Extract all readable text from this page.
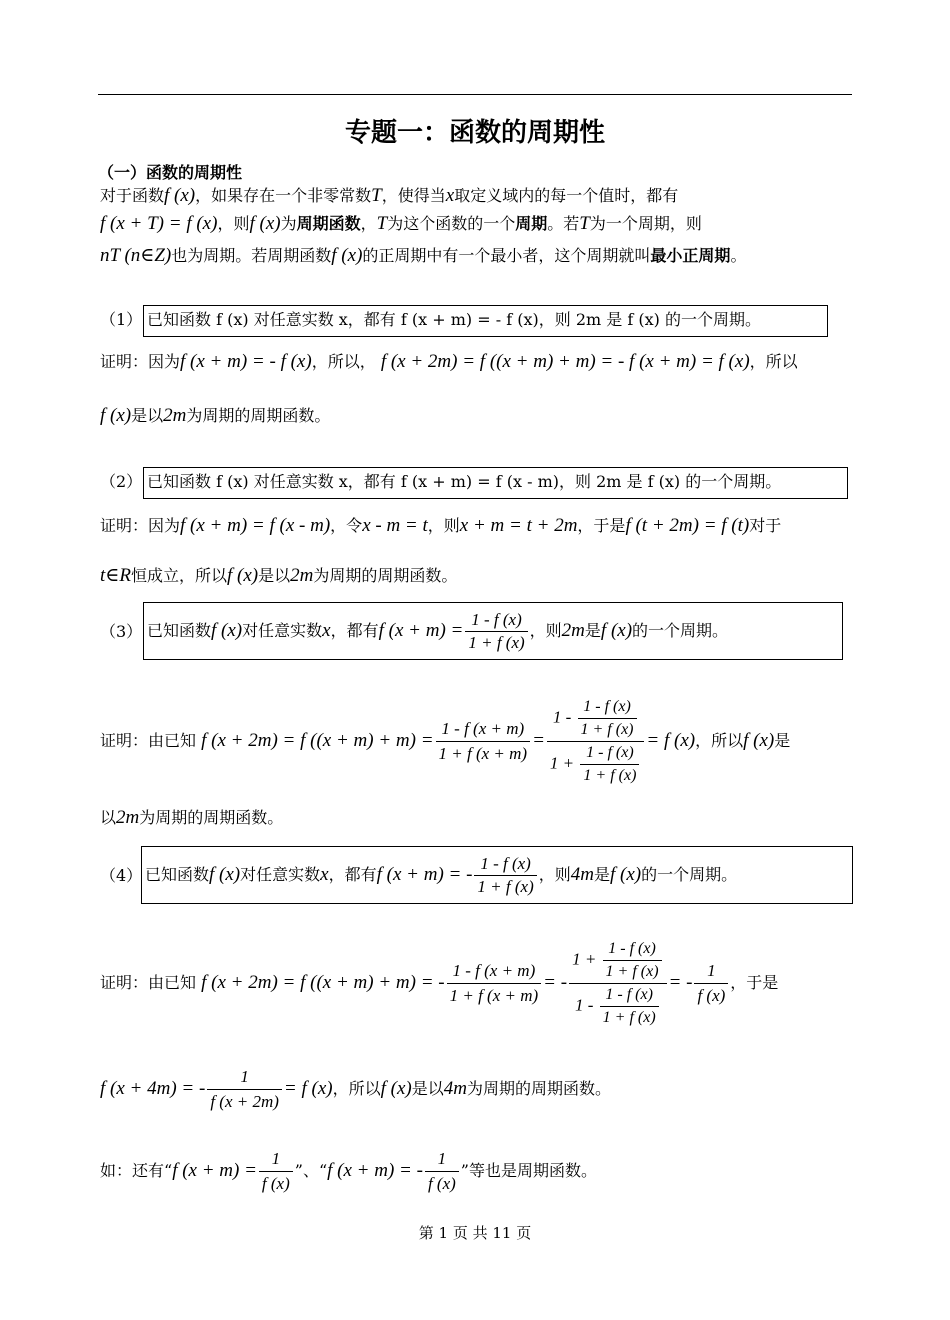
专题一：函数的周期性
（一）函数的周期性
对于函数f (x)，如果存在一个非零常数T，使得当x取定义域内的每一个值时，都有
f (x + T) = f (x)，则f (x)为周期函数，T为这个函数的一个周期。若T为一个周期，则
nT (n∈Z)也为周期。若周期函数f (x)的正周期中有一个最小者，这个周期就叫最小正周期。
（1） 已知函数 f (x) 对任意实数 x，都有 f (x + m) = - f (x)，则 2m 是 f (x) 的一个周期。
证明：因为f (x + m) = - f (x)，所以， f (x + 2m) = f ((x + m) + m) = - f (x + m) = f (x)，所以
f (x)是以2m为周期的周期函数。
（2） 已知函数 f (x) 对任意实数 x，都有 f (x + m) = f (x - m)，则 2m 是 f (x) 的一个周期。
证明：因为f (x + m) = f (x - m)，令x - m = t，则x + m = t + 2m，于是f (t + 2m) = f (t)对于
t∈R恒成立，所以f (x)是以2m为周期的周期函数。
（3） 已知函数f (x)对任意实数x，都有f $(x + m) = \frac{1 - f (x)}{1 + f (x)}$ ，则2m是f (x)的一个周期。
证明：由已知 f (x + 2m) = f $((x + m) + m) = \frac{1 - f (x + m)}{1 + f (x + m)} = \frac{1 - \frac{1 - f (x)}{1 + f (x)}}{1 + \frac{1 - f (x)}{1 + f (x)}} = f$ (x)，所以f (x)是
以2m为周期的周期函数。
（4） 已知函数f (x)对任意实数x，都有f (x + m) = - $\frac{1 - f (x)}{1 + f (x)}$ ，则4m是f (x)的一个周期。
证明：由已知 f (x + 2m) = f ((x + m) + m) = - $\frac{1 - f (x + m)}{1 + f (x + m)}$ = - $\frac{1 + \frac{1 - f (x)}{1 + f (x)}}{1 - \frac{1 - f (x)}{1 + f (x)}}$ = - $\frac{1}{f (x)}$ ，于是
f (x + 4m) = - $\frac{1}{f (x + 2m)} = f$ (x)，所以f (x)是以4m为周期的周期函数。
如：还有“f $(x + m) = \frac{1}{f (x)}$ ”、“f (x + m) = - $\frac{1}{f (x)}$ ”等也是周期函数。
第 1 页 共 11 页
